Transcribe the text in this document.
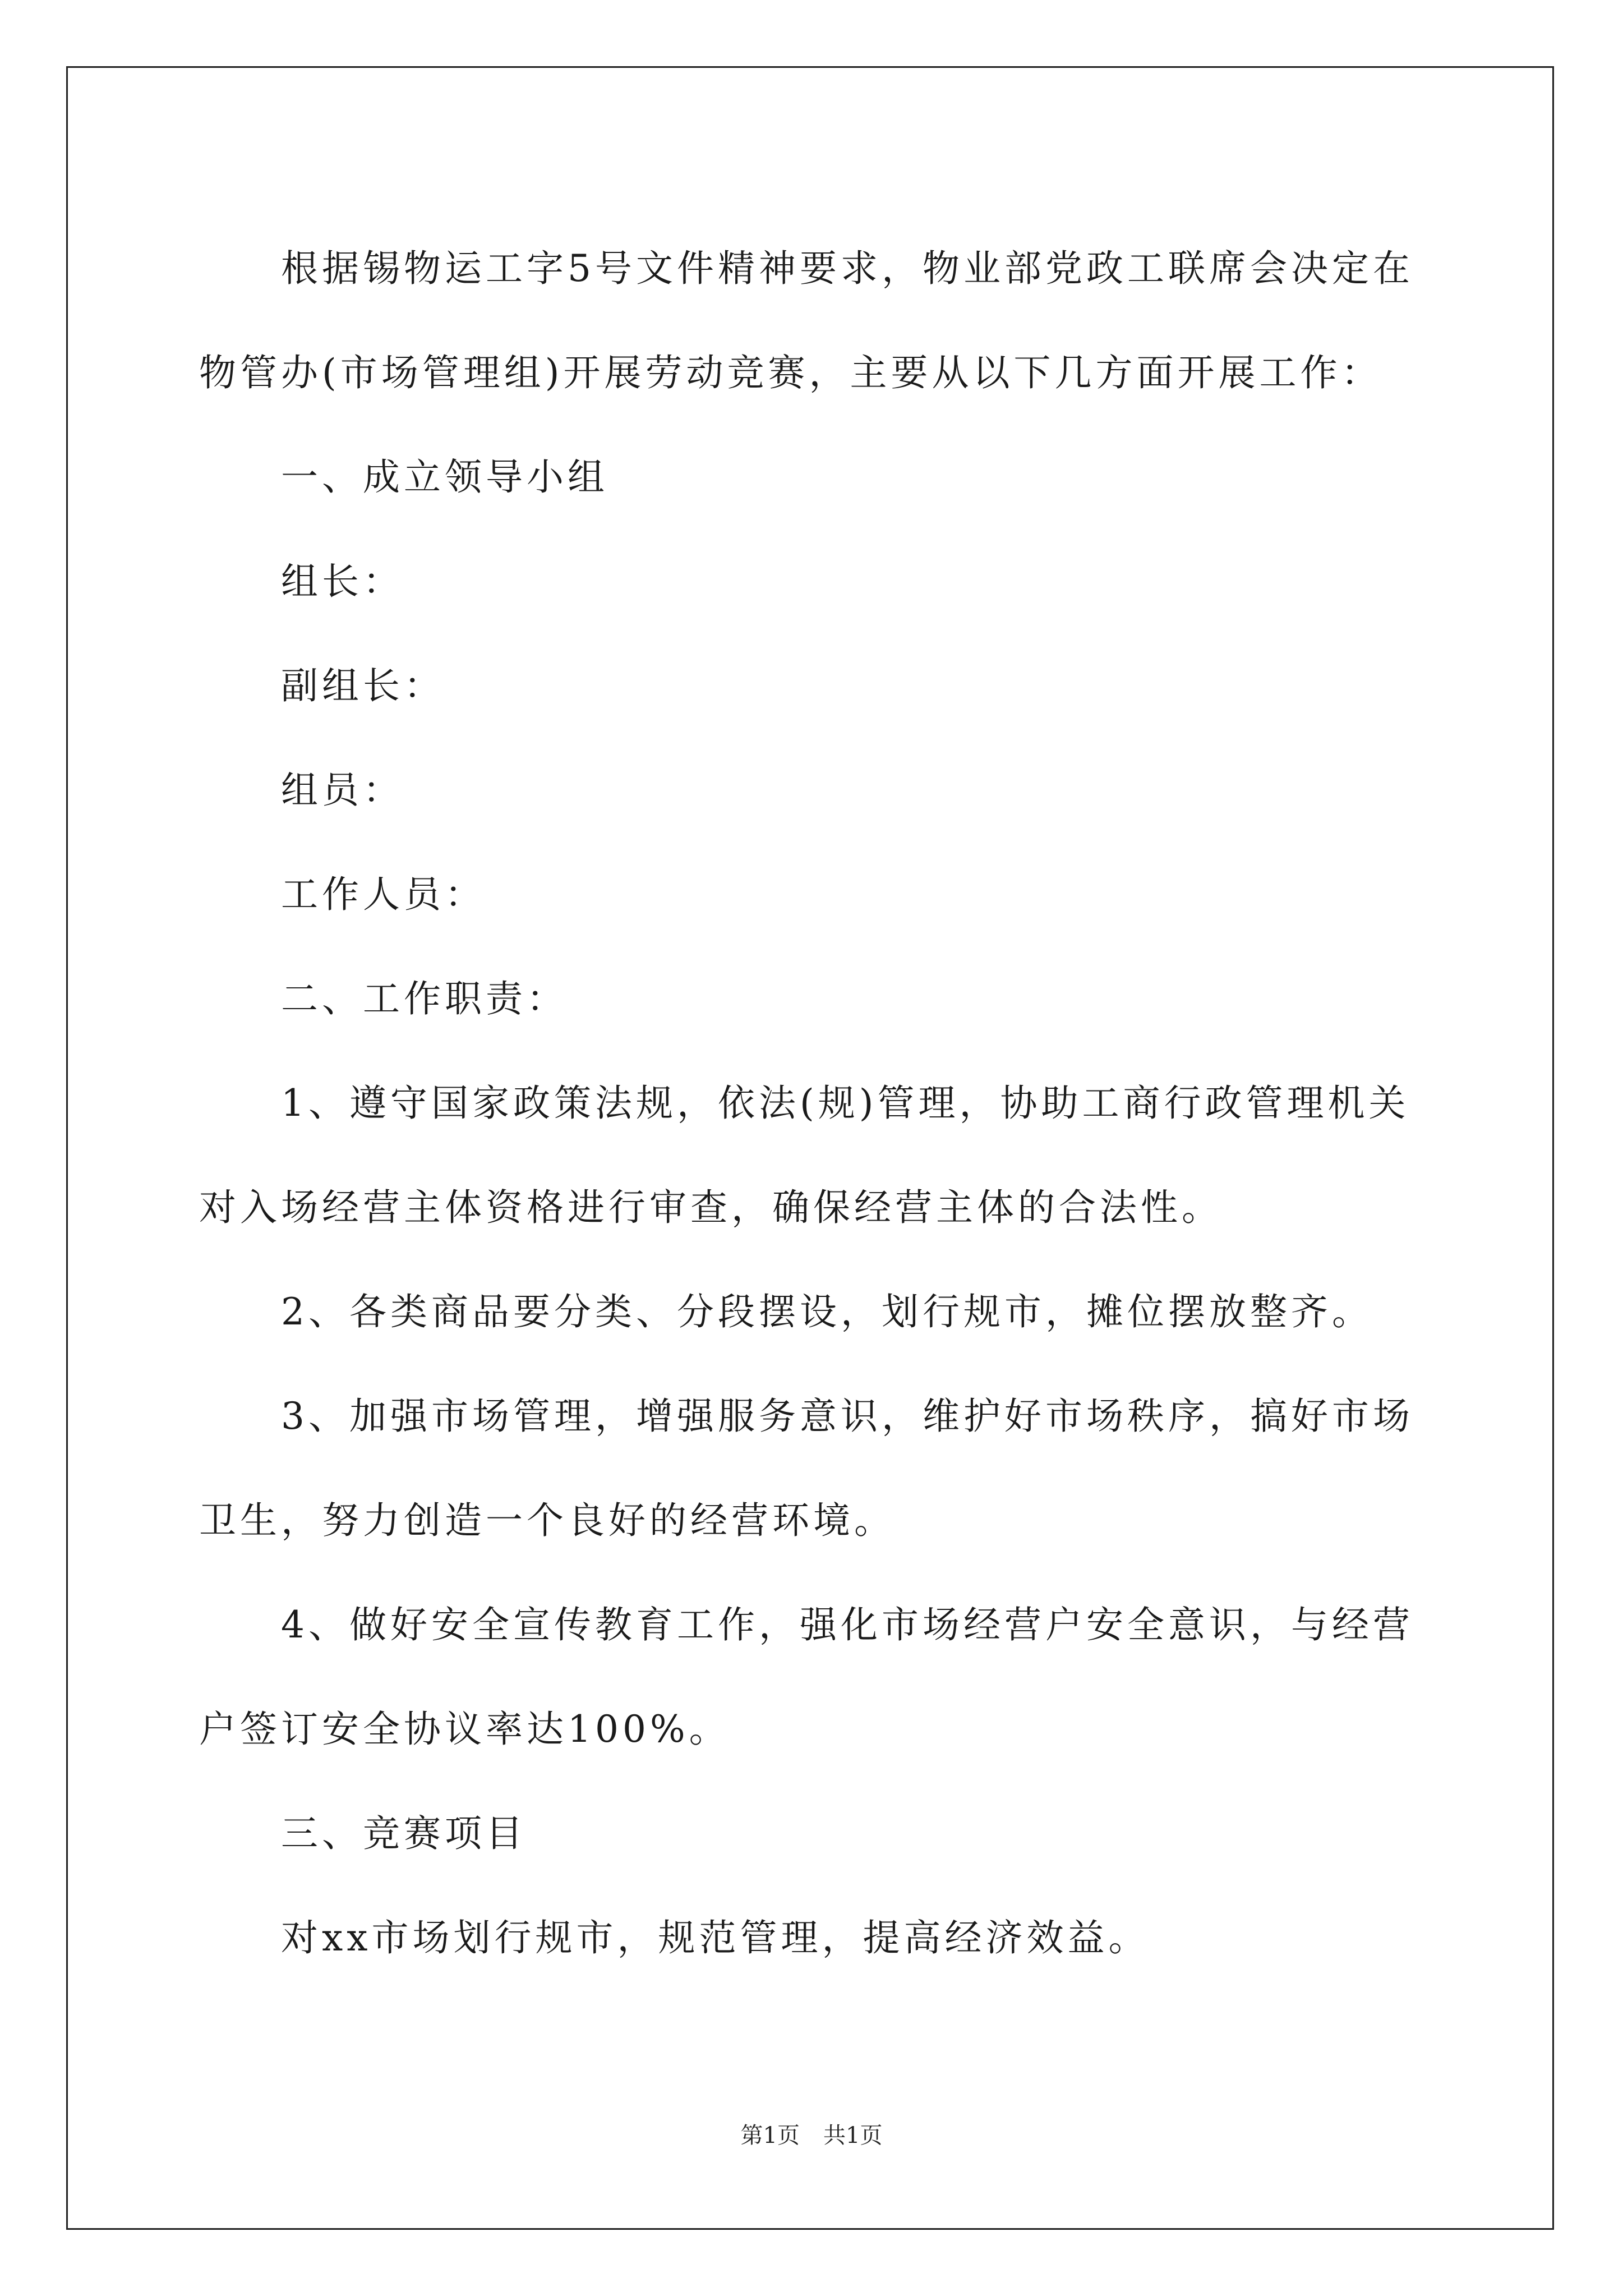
根据锡物运工字5号文件精神要求，物业部党政工联席会决定在物管办(市场管理组)开展劳动竞赛，主要从以下几方面开展工作：

一、成立领导小组

组长：

副组长：

组员：

工作人员：

二、工作职责：

1、遵守国家政策法规，依法(规)管理，协助工商行政管理机关对入场经营主体资格进行审查，确保经营主体的合法性。

2、各类商品要分类、分段摆设，划行规市，摊位摆放整齐。

3、加强市场管理，增强服务意识，维护好市场秩序，搞好市场卫生，努力创造一个良好的经营环境。

4、做好安全宣传教育工作，强化市场经营户安全意识，与经营户签订安全协议率达100%。

三、竞赛项目

对xx市场划行规市，规范管理，提高经济效益。

第1页 共1页
